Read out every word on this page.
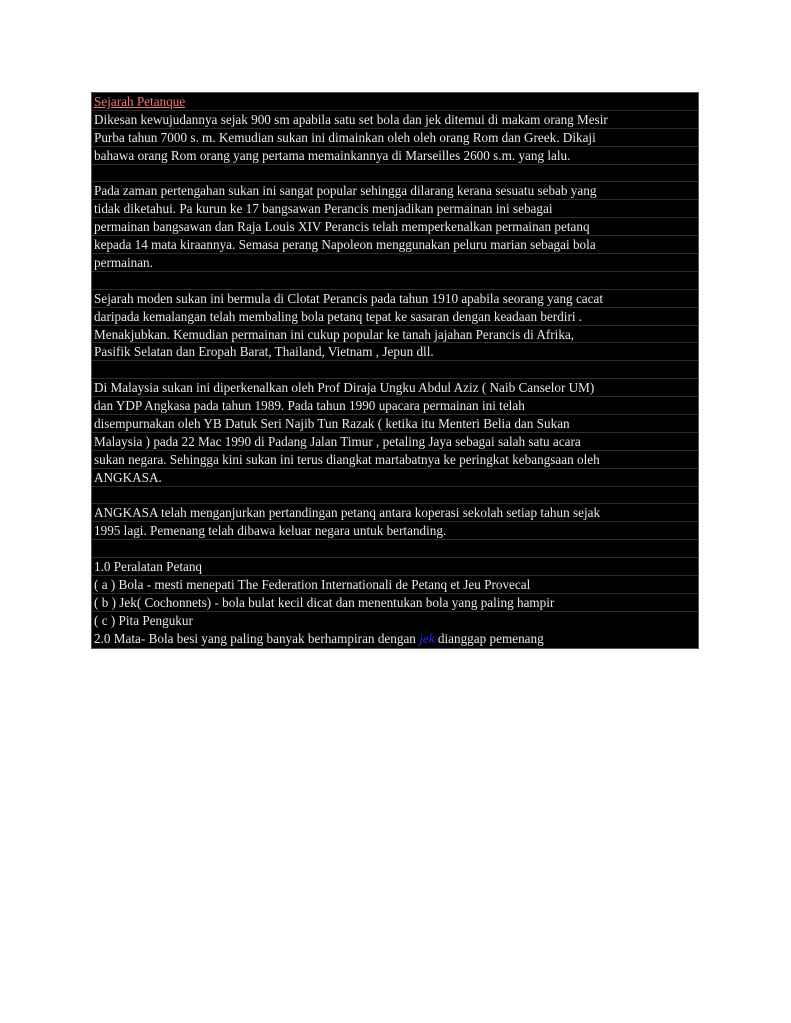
Sejarah Petanque
Dikesan kewujudannya sejak 900 sm apabila satu set bola dan jek ditemui di makam orang Mesir
Purba tahun 7000 s. m. Kemudian sukan ini dimainkan oleh oleh orang Rom dan Greek. Dikaji
bahawa orang Rom orang yang pertama memainkannya di Marseilles 2600 s.m. yang lalu.
Pada zaman pertengahan sukan ini sangat popular sehingga dilarang kerana sesuatu sebab yang
tidak diketahui. Pa kurun ke 17 bangsawan Perancis menjadikan permainan ini sebagai
permainan bangsawan dan Raja Louis XIV Perancis telah memperkenalkan permainan petanq
kepada 14 mata kiraannya. Semasa perang Napoleon menggunakan peluru marian sebagai bola
permainan.
Sejarah moden sukan ini bermula di Clotat Perancis pada tahun 1910 apabila seorang yang cacat
daripada kemalangan telah membaling bola petanq tepat ke sasaran dengan keadaan berdiri .
Menakjubkan. Kemudian permainan ini cukup popular ke tanah jajahan Perancis di Afrika,
Pasifik Selatan dan Eropah Barat, Thailand, Vietnam , Jepun dll.
Di Malaysia sukan ini diperkenalkan oleh Prof Diraja Ungku Abdul Aziz ( Naib Canselor UM)
dan YDP Angkasa pada tahun 1989. Pada tahun 1990 upacara permainan ini telah
disempurnakan oleh YB Datuk Seri Najib Tun Razak ( ketika itu Menteri Belia dan Sukan
Malaysia ) pada 22 Mac 1990 di Padang Jalan Timur , petaling Jaya sebagai salah satu acara
sukan negara. Sehingga kini sukan ini terus diangkat martabatnya ke peringkat kebangsaan oleh
ANGKASA.
ANGKASA telah menganjurkan pertandingan petanq antara koperasi sekolah setiap tahun sejak
1995 lagi. Pemenang telah dibawa keluar negara untuk bertanding.
1.0 Peralatan Petanq
( a ) Bola - mesti menepati The Federation Internationali de Petanq et Jeu Provecal
( b ) Jek( Cochonnets) - bola bulat kecil dicat dan menentukan bola yang paling hampir
( c ) Pita Pengukur
2.0 Mata- Bola besi yang paling banyak berhampiran dengan jek dianggap pemenang
